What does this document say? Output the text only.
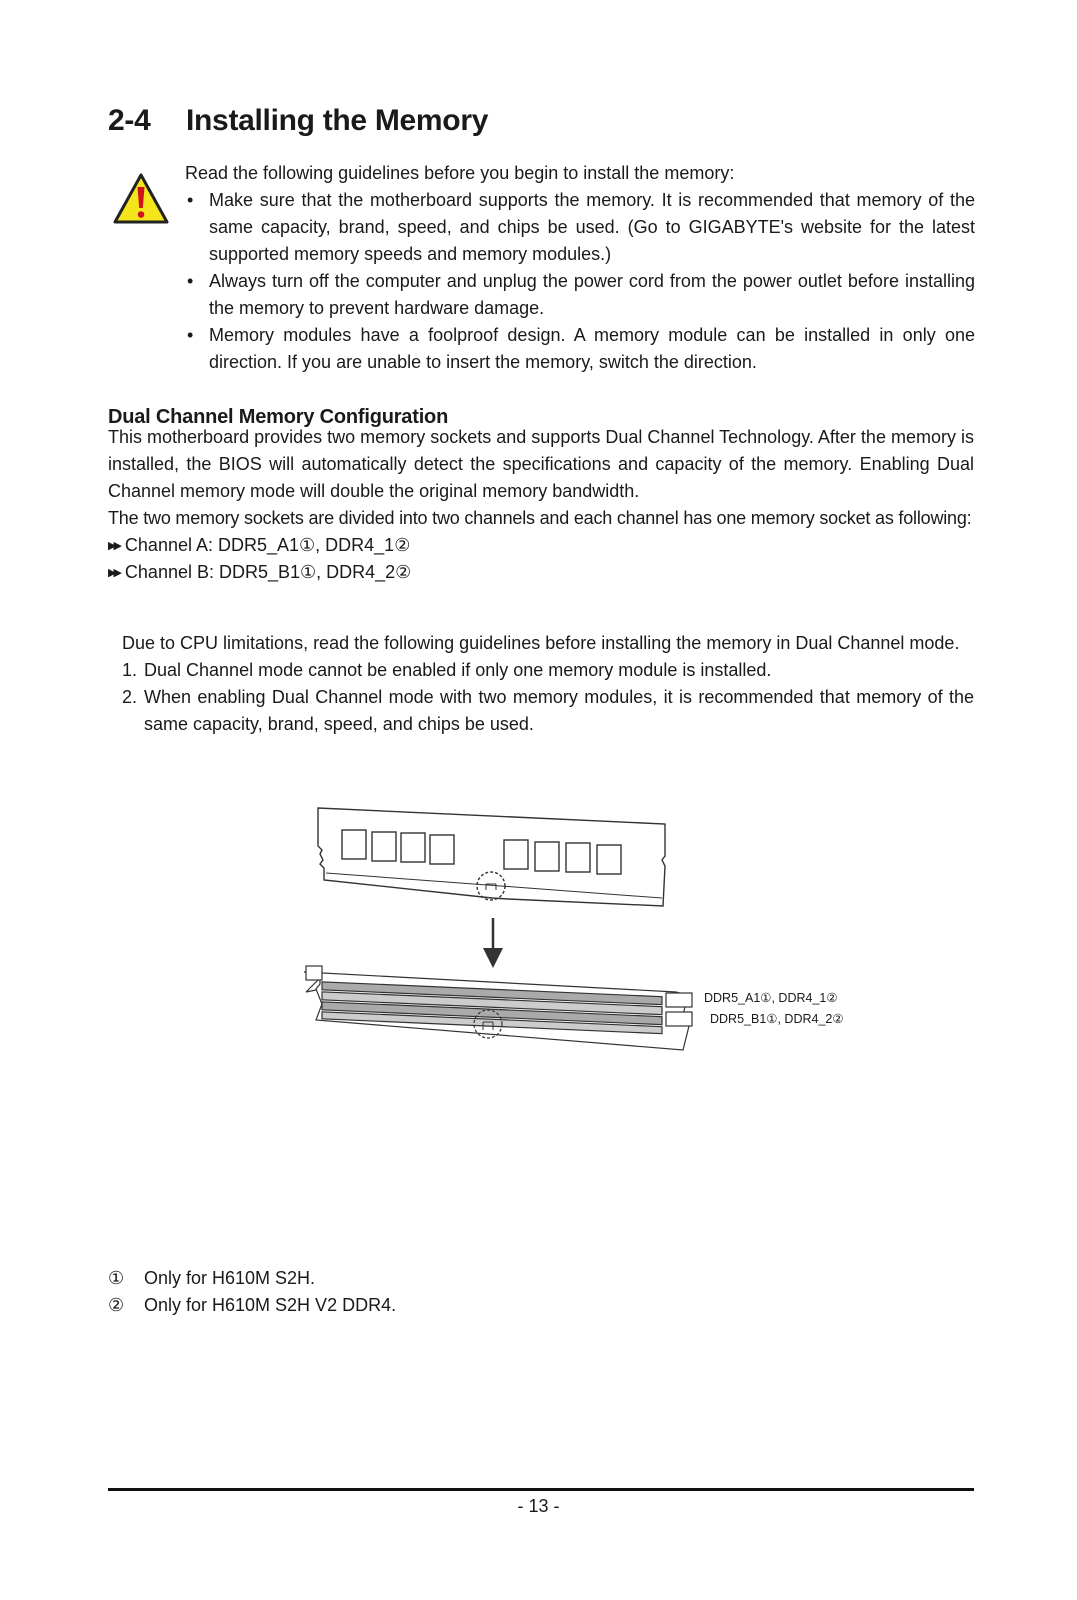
2-4 Installing the Memory
Read the following guidelines before you begin to install the memory:
• Make sure that the motherboard supports the memory. It is recommended that memory of the same capacity, brand, speed, and chips be used. (Go to GIGABYTE's website for the latest supported memory speeds and memory modules.)
• Always turn off the computer and unplug the power cord from the power outlet before installing the memory to prevent hardware damage.
• Memory modules have a foolproof design. A memory module can be installed in only one direction. If you are unable to insert the memory, switch the direction.
Dual Channel Memory Configuration

This motherboard provides two memory sockets and supports Dual Channel Technology. After the memory is installed, the BIOS will automatically detect the specifications and capacity of the memory. Enabling Dual Channel memory mode will double the original memory bandwidth.

The two memory sockets are divided into two channels and each channel has one memory socket as following:

▶▶ Channel A: DDR5_A1①, DDR4_1②
▶▶ Channel B: DDR5_B1①, DDR4_2②
Due to CPU limitations, read the following guidelines before installing the memory in Dual Channel mode.
1. Dual Channel mode cannot be enabled if only one memory module is installed.
2. When enabling Dual Channel mode with two memory modules, it is recommended that memory of the same capacity, brand, speed, and chips be used.
DDR5_A1①, DDR4_1②
DDR5_B1①, DDR4_2②
① Only for H610M S2H.
② Only for H610M S2H V2 DDR4.
- 13 -
